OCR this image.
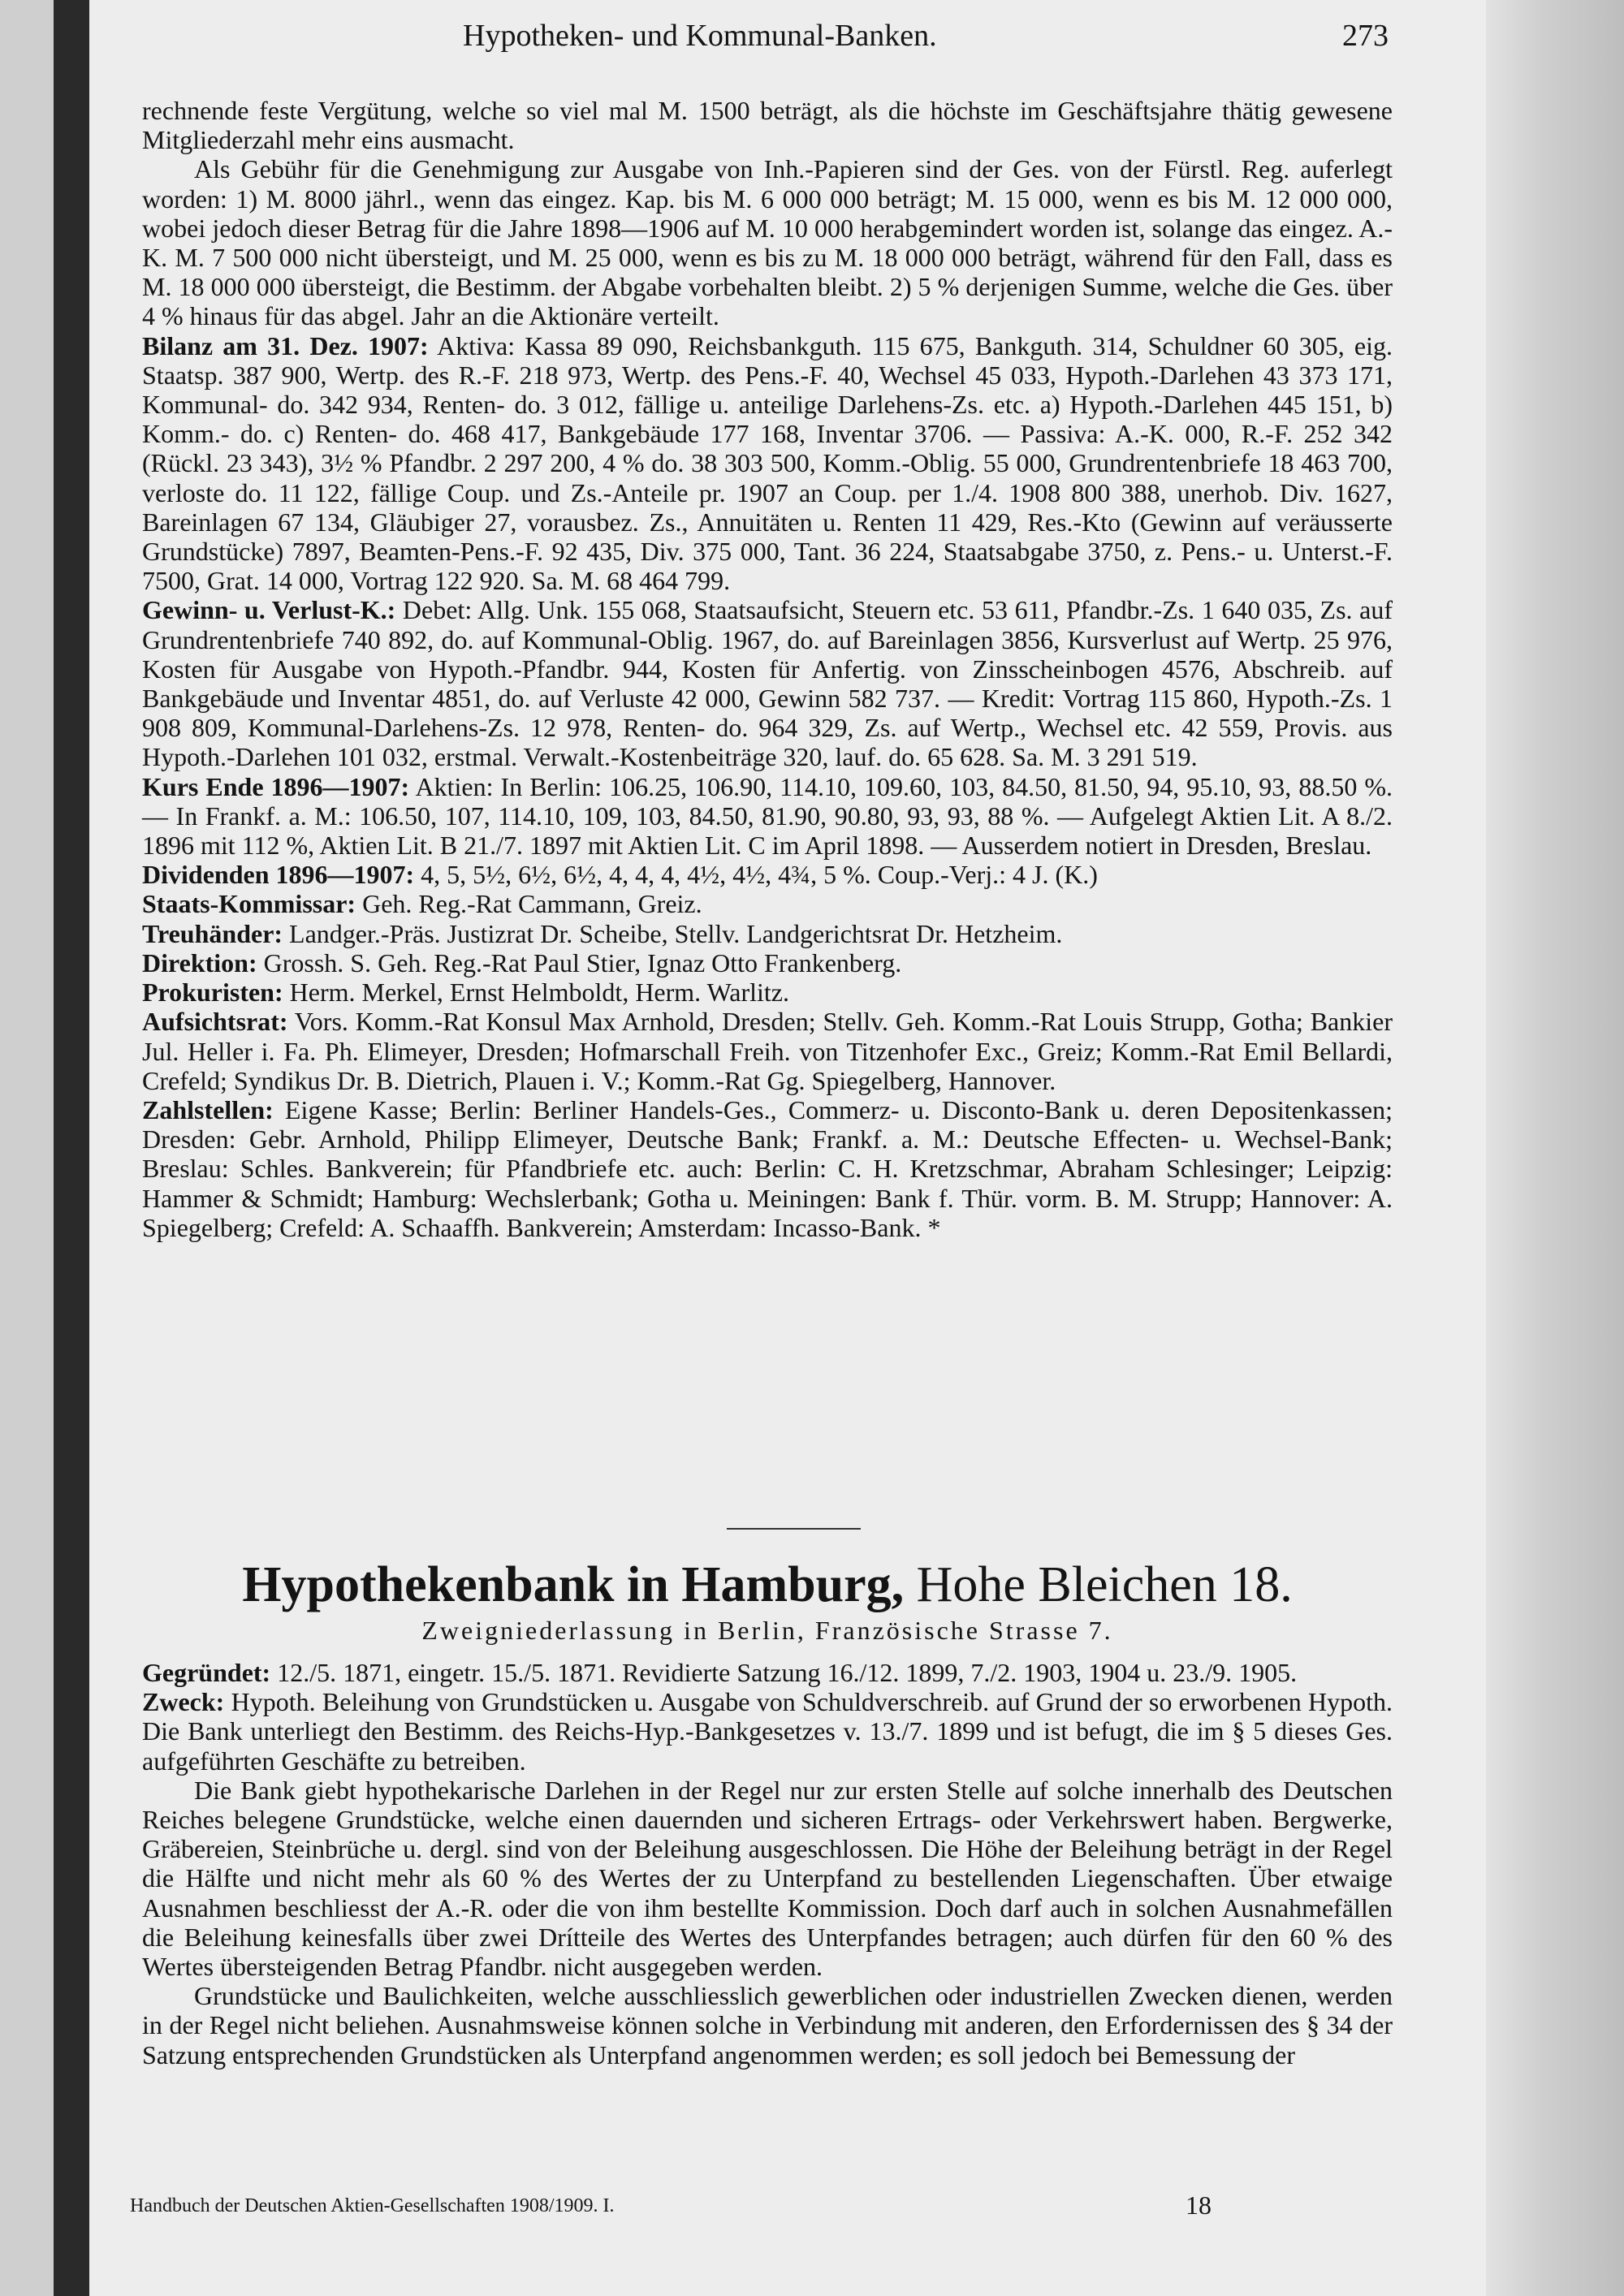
Hypotheken- und Kommunal-Banken.	273

rechnende feste Vergütung, welche so viel mal M. 1500 beträgt, als die höchste im Geschäftsjahre thätig gewesene Mitgliederzahl mehr eins ausmacht.

Als Gebühr für die Genehmigung zur Ausgabe von Inh.-Papieren sind der Ges. von der Fürstl. Reg. auferlegt worden: 1) M. 8000 jährl., wenn das eingez. Kap. bis M. 6 000 000 beträgt; M. 15 000, wenn es bis M. 12 000 000, wobei jedoch dieser Betrag für die Jahre 1898—1906 auf M. 10 000 herabgemindert worden ist, solange das eingez. A.-K. M. 7 500 000 nicht übersteigt, und M. 25 000, wenn es bis zu M. 18 000 000 beträgt, während für den Fall, dass es M. 18 000 000 übersteigt, die Bestimm. der Abgabe vorbehalten bleibt. 2) 5 % derjenigen Summe, welche die Ges. über 4 % hinaus für das abgel. Jahr an die Aktionäre verteilt.

Bilanz am 31. Dez. 1907: Aktiva: Kassa 89 090, Reichsbankguth. 115 675, Bankguth. 314, Schuldner 60 305, eig. Staatsp. 387 900, Wertp. des R.-F. 218 973, Wertp. des Pens.-F. 40, Wechsel 45 033, Hypoth.-Darlehen 43 373 171, Kommunal- do. 342 934, Renten- do. 3 012, fällige u. anteilige Darlehens-Zs. etc. a) Hypoth.-Darlehen 445 151, b) Komm.- do. c) Renten- do. 468 417, Bankgebäude 177 168, Inventar 3706. — Passiva: A.-K. 000, R.-F. 252 342 (Rückl. 23 343), 3½ % Pfandbr. 2 297 200, 4 % do. 38 303 500, Komm.-Oblig. 55 000, Grundrentenbriefe 18 463 700, verloste do. 11 122, fällige Coup. und Zs.-Anteile pr. 1907 an Coup. per 1./4. 1908 800 388, unerhob. Div. 1627, Bareinlagen 67 134, Gläubiger 27, vorausbez. Zs., Annuitäten u. Renten 11 429, Res.-Kto (Gewinn auf veräusserte Grundstücke) 7897, Beamten-Pens.-F. 92 435, Div. 375 000, Tant. 36 224, Staatsabgabe 3750, z. Pens.- u. Unterst.-F. 7500, Grat. 14 000, Vortrag 122 920. Sa. M. 68 464 799.

Gewinn- u. Verlust-K.: Debet: Allg. Unk. 155 068, Staatsaufsicht, Steuern etc. 53 611, Pfandbr.-Zs. 1 640 035, Zs. auf Grundrentenbriefe 740 892, do. auf Kommunal-Oblig. 1967, do. auf Bareinlagen 3856, Kursverlust auf Wertp. 25 976, Kosten für Ausgabe von Hypoth.-Pfandbr. 944, Kosten für Anfertig. von Zinsscheinbogen 4576, Abschreib. auf Bankgebäude und Inventar 4851, do. auf Verluste 42 000, Gewinn 582 737. — Kredit: Vortrag 115 860, Hypoth.-Zs. 1 908 809, Kommunal-Darlehens-Zs. 12 978, Renten- do. 964 329, Zs. auf Wertp., Wechsel etc. 42 559, Provis. aus Hypoth.-Darlehen 101 032, erstmal. Verwalt.-Kostenbeiträge 320, lauf. do. 65 628. Sa. M. 3 291 519.

Kurs Ende 1896—1907: Aktien: In Berlin: 106.25, 106.90, 114.10, 109.60, 103, 84.50, 81.50, 94, 95.10, 93, 88.50 %. — In Frankf. a. M.: 106.50, 107, 114.10, 109, 103, 84.50, 81.90, 90.80, 93, 93, 88 %. — Aufgelegt Aktien Lit. A 8./2. 1896 mit 112 %, Aktien Lit. B 21./7. 1897 mit Aktien Lit. C im April 1898. — Ausserdem notiert in Dresden, Breslau.

Dividenden 1896—1907: 4, 5, 5½, 6½, 6½, 4, 4, 4, 4½, 4½, 4¾, 5 %. Coup.-Verj.: 4 J. (K.)

Staats-Kommissar: Geh. Reg.-Rat Cammann, Greiz.

Treuhänder: Landger.-Präs. Justizrat Dr. Scheibe, Stellv. Landgerichtsrat Dr. Hetzheim.

Direktion: Grossh. S. Geh. Reg.-Rat Paul Stier, Ignaz Otto Frankenberg.

Prokuristen: Herm. Merkel, Ernst Helmboldt, Herm. Warlitz.

Aufsichtsrat: Vors. Komm.-Rat Konsul Max Arnhold, Dresden; Stellv. Geh. Komm.-Rat Louis Strupp, Gotha; Bankier Jul. Heller i. Fa. Ph. Elimeyer, Dresden; Hofmarschall Freih. von Titzenhofer Exc., Greiz; Komm.-Rat Emil Bellardi, Crefeld; Syndikus Dr. B. Dietrich, Plauen i. V.; Komm.-Rat Gg. Spiegelberg, Hannover.

Zahlstellen: Eigene Kasse; Berlin: Berliner Handels-Ges., Commerz- u. Disconto-Bank u. deren Depositenkassen; Dresden: Gebr. Arnhold, Philipp Elimeyer, Deutsche Bank; Frankf. a. M.: Deutsche Effecten- u. Wechsel-Bank; Breslau: Schles. Bankverein; für Pfandbriefe etc. auch: Berlin: C. H. Kretzschmar, Abraham Schlesinger; Leipzig: Hammer & Schmidt; Hamburg: Wechslerbank; Gotha u. Meiningen: Bank f. Thür. vorm. B. M. Strupp; Hannover: A. Spiegelberg; Crefeld: A. Schaaffh. Bankverein; Amsterdam: Incasso-Bank. *

Hypothekenbank in Hamburg, Hohe Bleichen 18.
Zweigniederlassung in Berlin, Französische Strasse 7.

Gegründet: 12./5. 1871, eingetr. 15./5. 1871. Revidierte Satzung 16./12. 1899, 7./2. 1903, 1904 u. 23./9. 1905.

Zweck: Hypoth. Beleihung von Grundstücken u. Ausgabe von Schuldverschreib. auf Grund der so erworbenen Hypoth. Die Bank unterliegt den Bestimm. des Reichs-Hyp.-Bankgesetzes v. 13./7. 1899 und ist befugt, die im § 5 dieses Ges. aufgeführten Geschäfte zu betreiben.

Die Bank giebt hypothekarische Darlehen in der Regel nur zur ersten Stelle auf solche innerhalb des Deutschen Reiches belegene Grundstücke, welche einen dauernden und sicheren Ertrags- oder Verkehrswert haben. Bergwerke, Gräbereien, Steinbrüche u. dergl. sind von der Beleihung ausgeschlossen. Die Höhe der Beleihung beträgt in der Regel die Hälfte und nicht mehr als 60 % des Wertes der zu Unterpfand zu bestellenden Liegenschaften. Über etwaige Ausnahmen beschliesst der A.-R. oder die von ihm bestellte Kommission. Doch darf auch in solchen Ausnahmefällen die Beleihung keinesfalls über zwei Drítteile des Wertes des Unterpfandes betragen; auch dürfen für den 60 % des Wertes übersteigenden Betrag Pfandbr. nicht ausgegeben werden.

Grundstücke und Baulichkeiten, welche ausschliesslich gewerblichen oder industriellen Zwecken dienen, werden in der Regel nicht beliehen. Ausnahmsweise können solche in Verbindung mit anderen, den Erfordernissen des § 34 der Satzung entsprechenden Grundstücken als Unterpfand angenommen werden; es soll jedoch bei Bemessung der

Handbuch der Deutschen Aktien-Gesellschaften 1908/1909. I.	18
